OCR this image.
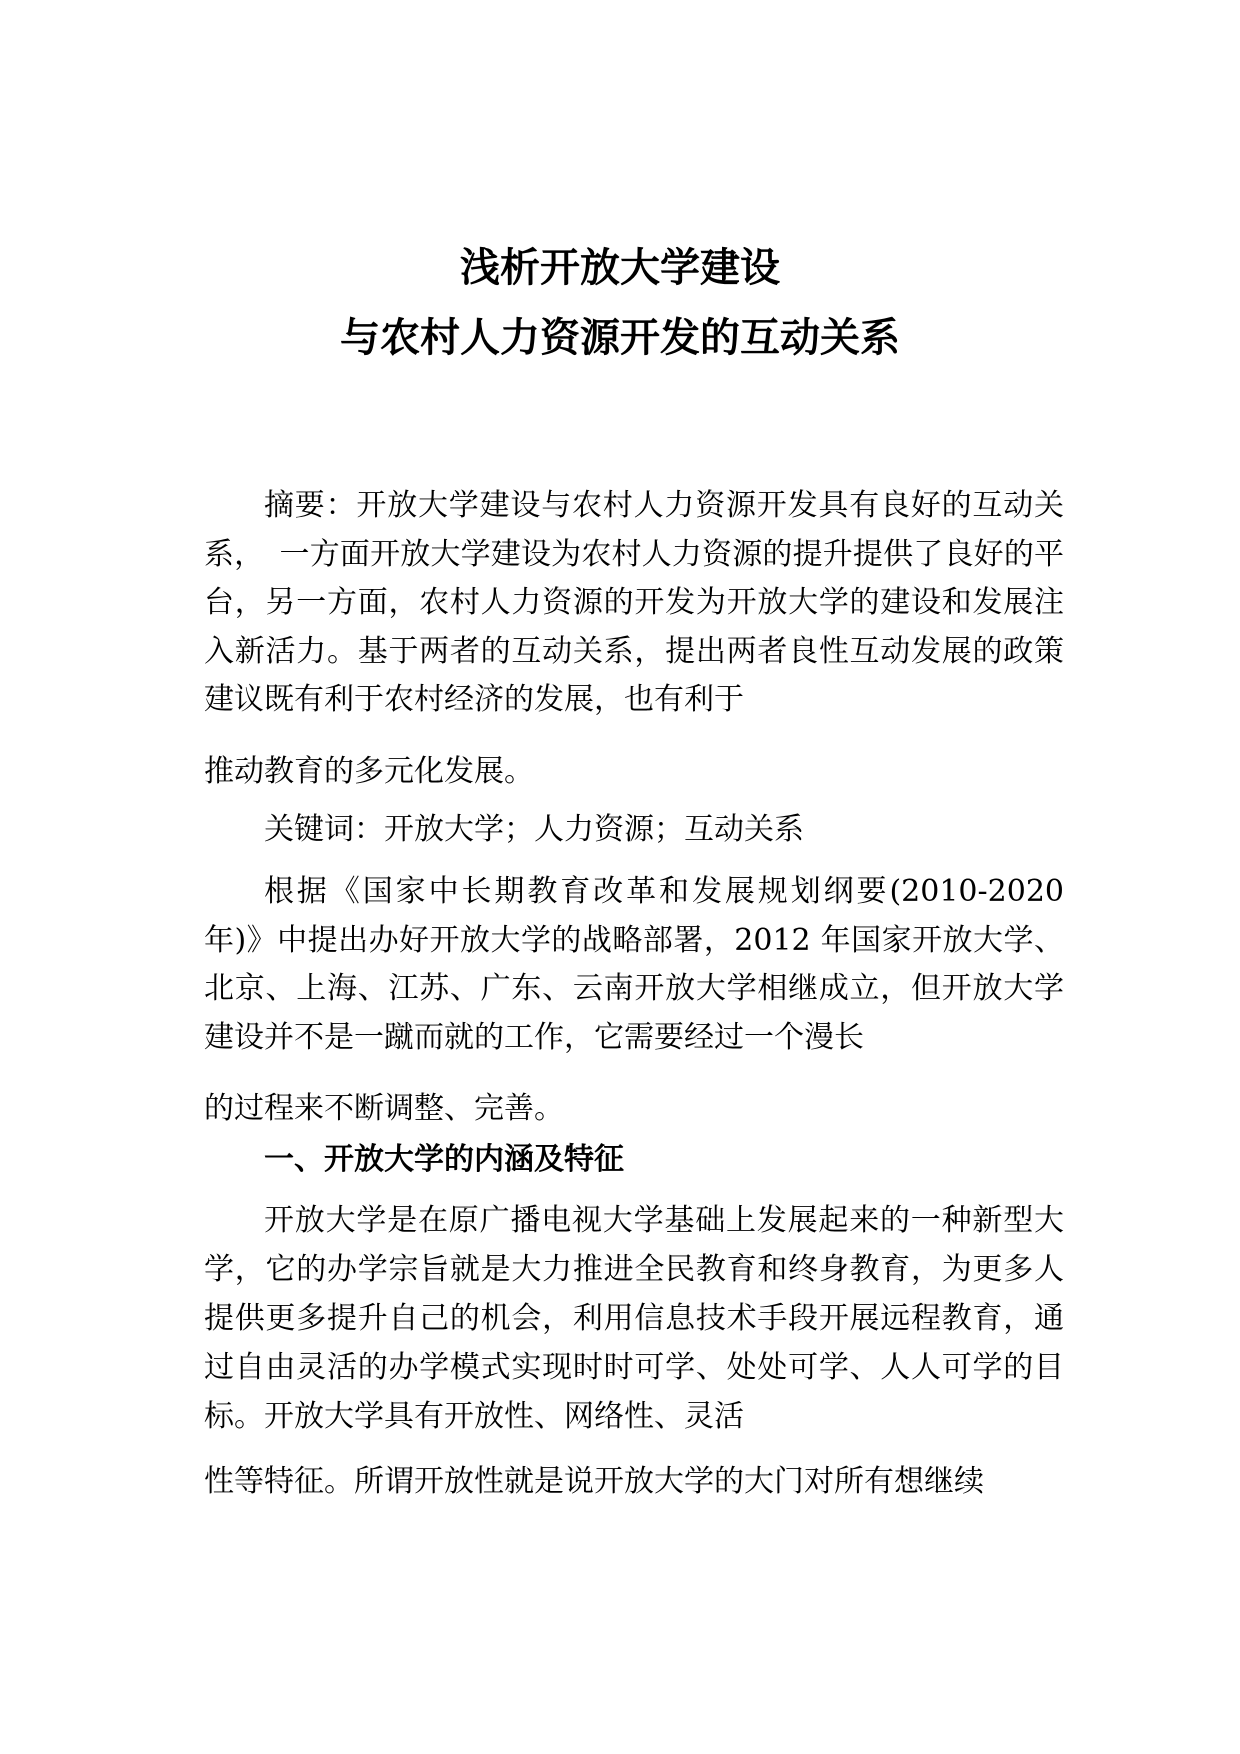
浅析开放大学建设
与农村人力资源开发的互动关系

摘要：开放大学建设与农村人力资源开发具有良好的互动关系，　一方面开放大学建设为农村人力资源的提升提供了良好的平台，另一方面，农村人力资源的开发为开放大学的建设和发展注入新活力。基于两者的互动关系，提出两者良性互动发展的政策建议既有利于农村经济的发展，也有利于

推动教育的多元化发展。

关键词：开放大学；人力资源；互动关系

根据《国家中长期教育改革和发展规划纲要(2010-2020年)》中提出办好开放大学的战略部署，2012 年国家开放大学、北京、上海、江苏、广东、云南开放大学相继成立，但开放大学建设并不是一蹴而就的工作，它需要经过一个漫长

的过程来不断调整、完善。

一、开放大学的内涵及特征

开放大学是在原广播电视大学基础上发展起来的一种新型大学，它的办学宗旨就是大力推进全民教育和终身教育，为更多人提供更多提升自己的机会，利用信息技术手段开展远程教育，通过自由灵活的办学模式实现时时可学、处处可学、人人可学的目标。开放大学具有开放性、网络性、灵活

性等特征。所谓开放性就是说开放大学的大门对所有想继续
